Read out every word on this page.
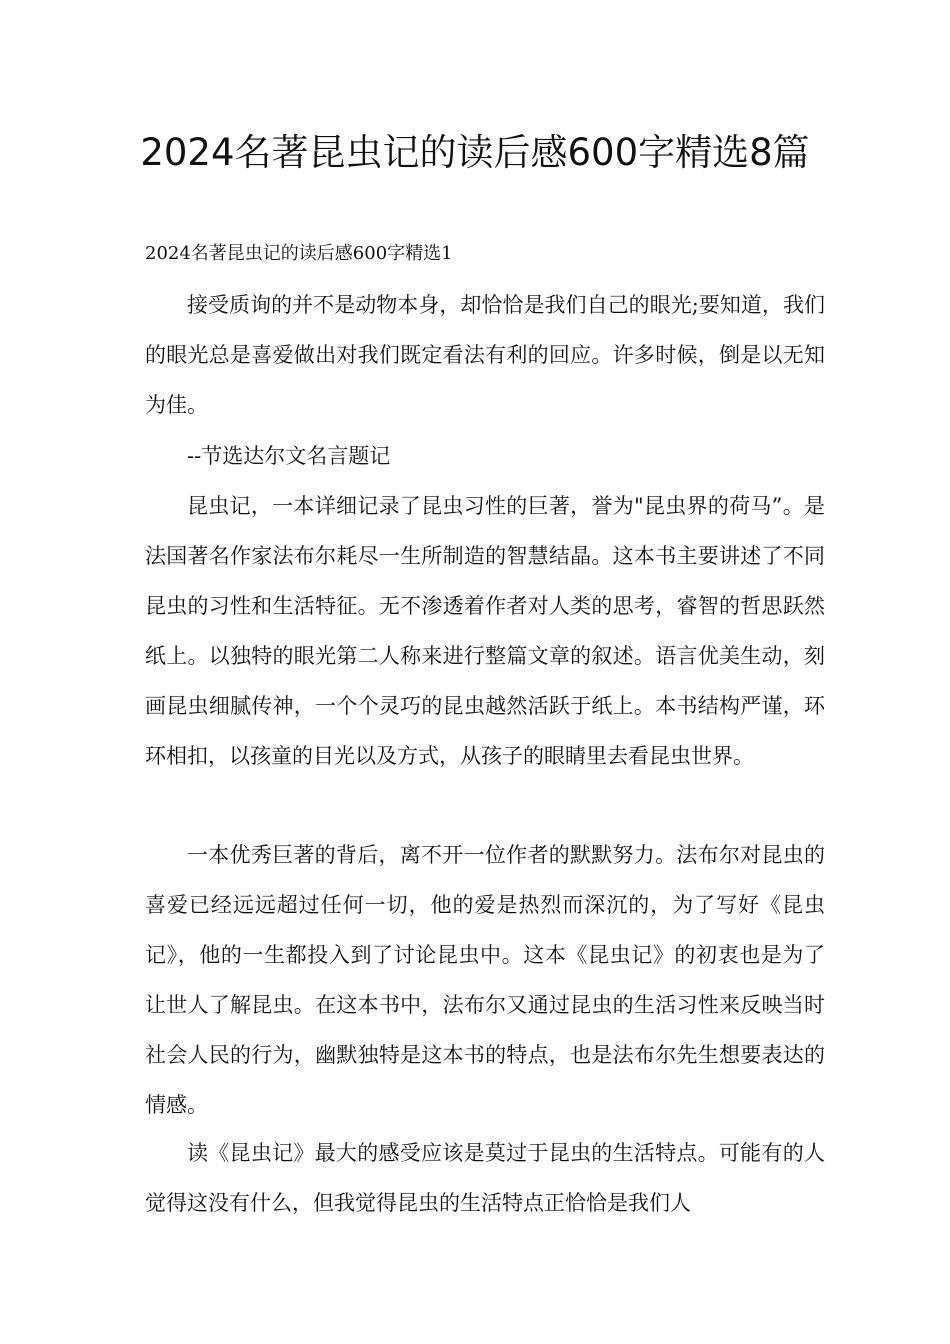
2024名著昆虫记的读后感600字精选8篇

2024名著昆虫记的读后感600字精选1

接受质询的并不是动物本身，却恰恰是我们自己的眼光;要知道，我们的眼光总是喜爱做出对我们既定看法有利的回应。许多时候，倒是以无知为佳。

--节选达尔文名言题记

昆虫记，一本详细记录了昆虫习性的巨著，誉为"昆虫界的荷马”。是法国著名作家法布尔耗尽一生所制造的智慧结晶。这本书主要讲述了不同昆虫的习性和生活特征。无不渗透着作者对人类的思考，睿智的哲思跃然纸上。以独特的眼光第二人称来进行整篇文章的叙述。语言优美生动，刻画昆虫细腻传神，一个个灵巧的昆虫越然活跃于纸上。本书结构严谨，环环相扣，以孩童的目光以及方式，从孩子的眼睛里去看昆虫世界。

一本优秀巨著的背后，离不开一位作者的默默努力。法布尔对昆虫的喜爱已经远远超过任何一切，他的爱是热烈而深沉的，为了写好《昆虫记》，他的一生都投入到了讨论昆虫中。这本《昆虫记》的初衷也是为了让世人了解昆虫。在这本书中，法布尔又通过昆虫的生活习性来反映当时社会人民的行为，幽默独特是这本书的特点，也是法布尔先生想要表达的情感。

读《昆虫记》最大的感受应该是莫过于昆虫的生活特点。可能有的人觉得这没有什么，但我觉得昆虫的生活特点正恰恰是我们人
